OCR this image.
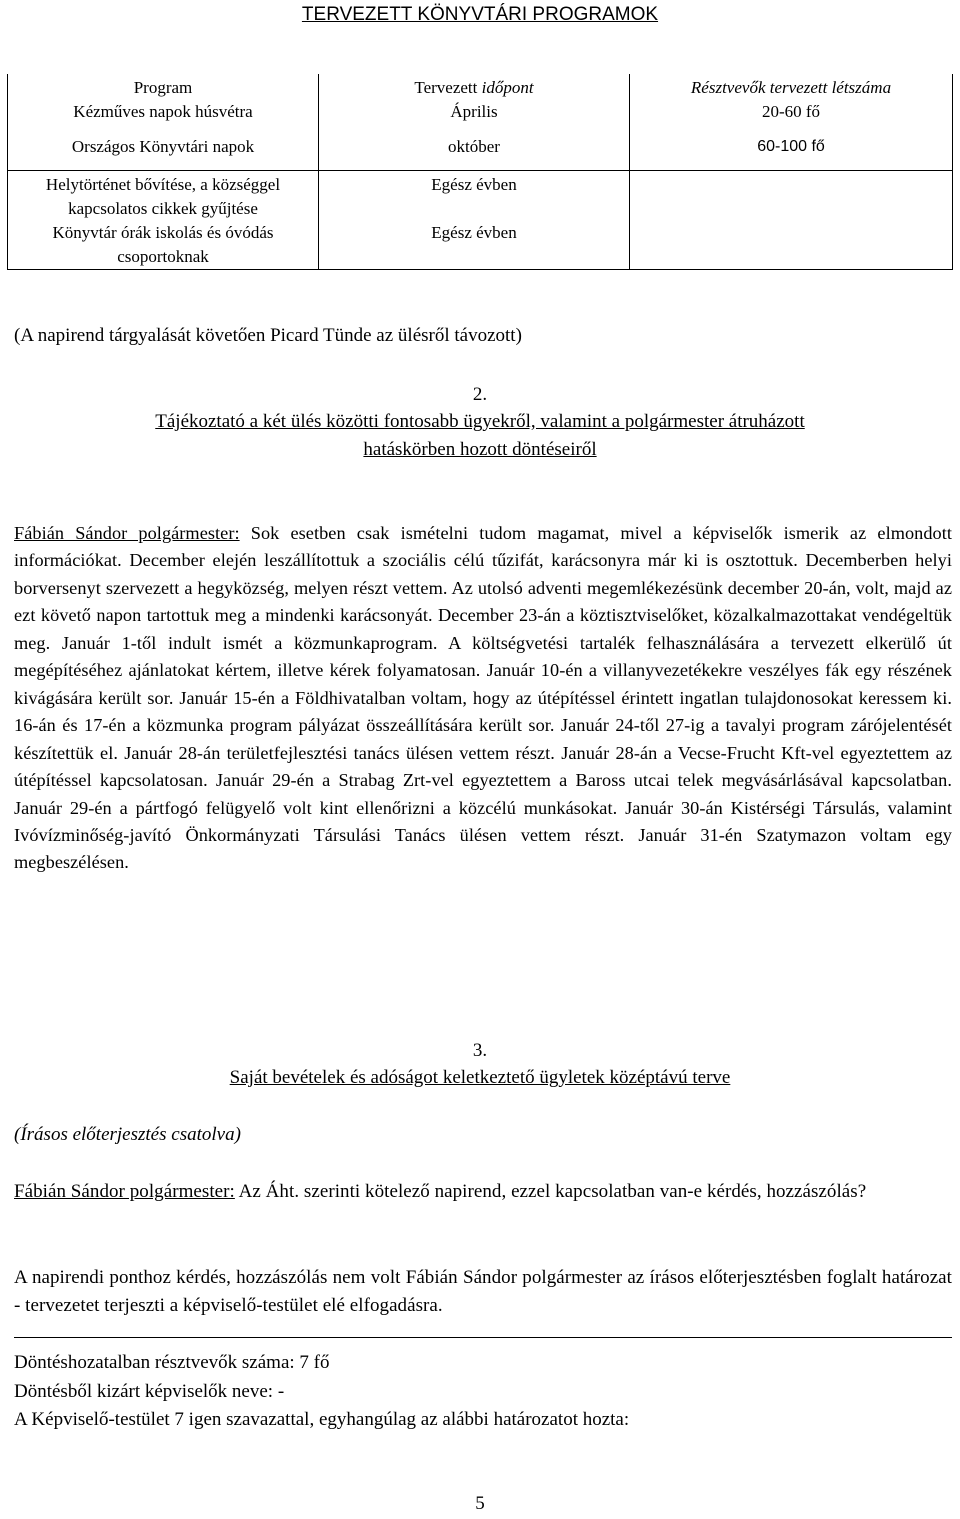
TERVEZETT KÖNYVTÁRI PROGRAMOK
Program	Tervezett időpont	Résztvevők tervezett létszáma
Kézműves napok húsvétra	Április	20-60 fő

Országos Könyvtári napok	október	60-100 fő

Helytörténet bővítése, a községgel
kapcsolatos cikkek gyűjtése	Egész évben	

Könyvtár órák iskolás és óvódás
csoportoknak	Egész évben	
(A napirend tárgyalását követően Picard Tünde az ülésről távozott)
2.
Tájékoztató a két ülés közötti fontosabb ügyekről, valamint a polgármester átruházott
hatáskörben hozott döntéseiről
Fábián Sándor polgármester: Sok esetben csak ismételni tudom magamat, mivel a képviselők ismerik az elmondott információkat. December elején leszállítottuk a szociális célú tűzifát, karácsonyra már ki is osztottuk. Decemberben helyi borversenyt szervezett a hegyközség, melyen részt vettem. Az utolsó adventi megemlékezésünk december 20-án, volt, majd az ezt követő napon tartottuk meg a mindenki karácsonyát. December 23-án a köztisztviselőket, közalkalmazottakat vendégeltük meg. Január 1-től indult ismét a közmunkaprogram. A költségvetési tartalék felhasználására a tervezett elkerülő út megépítéséhez ajánlatokat kértem, illetve kérek folyamatosan. Január 10-én a villanyvezetékekre veszélyes fák egy részének kivágására került sor. Január 15-én a Földhivatalban voltam, hogy az útépítéssel érintett ingatlan tulajdonosokat keressem ki. 16-án és 17-én a közmunka program pályázat összeállítására került sor. Január 24-től 27-ig a tavalyi program zárójelentését készítettük el. Január 28-án területfejlesztési tanács ülésen vettem részt. Január 28-án a Vecse-Frucht Kft-vel egyeztettem az útépítéssel kapcsolatosan. Január 29-én a Strabag Zrt-vel egyeztettem a Baross utcai telek megvásárlásával kapcsolatban. Január 29-én a pártfogó felügyelő volt kint ellenőrizni a közcélú munkásokat. Január 30-án Kistérségi Társulás, valamint Ivóvízminőség-javító Önkormányzati Társulási Tanács ülésen vettem részt. Január 31-én Szatymazon voltam egy megbeszélésen.
3.
Saját bevételek és adóságot keletkeztető ügyletek középtávú terve
(Írásos előterjesztés csatolva)
Fábián Sándor polgármester: Az Áht. szerinti kötelező napirend, ezzel kapcsolatban van-e kérdés, hozzászólás?
A napirendi ponthoz kérdés, hozzászólás nem volt Fábián Sándor polgármester az írásos előterjesztésben foglalt határozat - tervezetet terjeszti a képviselő-testület elé elfogadásra.
Döntéshozatalban résztvevők száma: 7 fő
Döntésből kizárt képviselők neve: -
A Képviselő-testület 7 igen szavazattal, egyhangúlag az alábbi határozatot hozta:
5
